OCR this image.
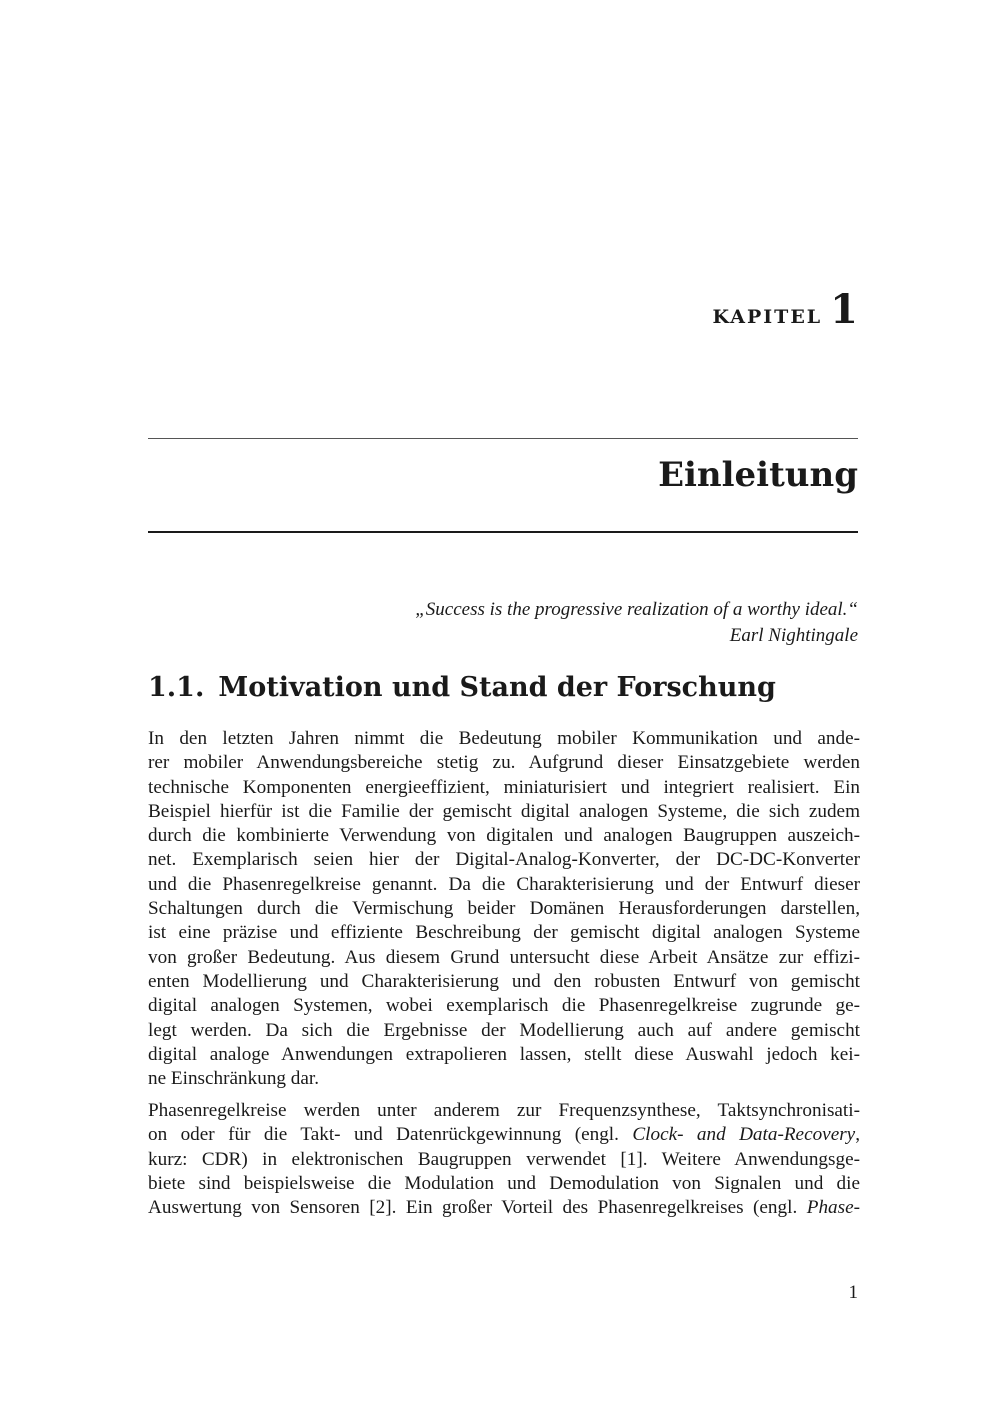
kapitel 1
Einleitung
„Success is the progressive realization of a worthy ideal.“
Earl Nightingale
1.1. Motivation und Stand der Forschung

In den letzten Jahren nimmt die Bedeutung mobiler Kommunikation und ande-
rer mobiler Anwendungsbereiche stetig zu. Aufgrund dieser Einsatzgebiete werden
technische Komponenten energieeffizient, miniaturisiert und integriert realisiert. Ein
Beispiel hierfür ist die Familie der gemischt digital analogen Systeme, die sich zudem
durch die kombinierte Verwendung von digitalen und analogen Baugruppen auszeich-
net. Exemplarisch seien hier der Digital-Analog-Konverter, der DC-DC-Konverter
und die Phasenregelkreise genannt. Da die Charakterisierung und der Entwurf dieser
Schaltungen durch die Vermischung beider Domänen Herausforderungen darstellen,
ist eine präzise und effiziente Beschreibung der gemischt digital analogen Systeme
von großer Bedeutung. Aus diesem Grund untersucht diese Arbeit Ansätze zur effizi-
enten Modellierung und Charakterisierung und den robusten Entwurf von gemischt
digital analogen Systemen, wobei exemplarisch die Phasenregelkreise zugrunde ge-
legt werden. Da sich die Ergebnisse der Modellierung auch auf andere gemischt
digital analoge Anwendungen extrapolieren lassen, stellt diese Auswahl jedoch kei-
ne Einschränkung dar.

Phasenregelkreise werden unter anderem zur Frequenzsynthese, Taktsynchronisati-
on oder für die Takt- und Datenrückgewinnung (engl. Clock- and Data-Recovery,
kurz: CDR) in elektronischen Baugruppen verwendet [1]. Weitere Anwendungsge-
biete sind beispielsweise die Modulation und Demodulation von Signalen und die
Auswertung von Sensoren [2]. Ein großer Vorteil des Phasenregelkreises (engl. Phase-

1
